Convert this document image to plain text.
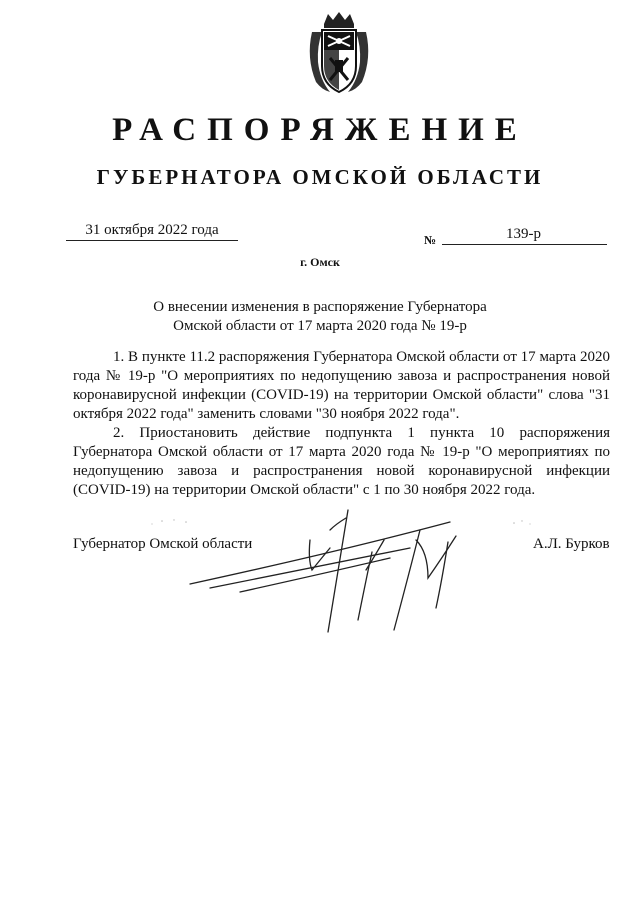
РАСПОРЯЖЕНИЕ
ГУБЕРНАТОРА ОМСКОЙ ОБЛАСТИ
31 октября 2022 года
№	139-р
г. Омск
О внесении изменения в распоряжение Губернатора
Омской области от 17 марта 2020 года № 19-р

1. В пункте 11.2 распоряжения Губернатора Омской области от 17 марта 2020 года № 19-р "О мероприятиях по недопущению завоза и распространения новой коронавирусной инфекции (COVID-19) на территории Омской области" слова "31 октября 2022 года" заменить словами "30 ноября 2022 года".

2. Приостановить действие подпункта 1 пункта 10 распоряжения Губернатора Омской области от 17 марта 2020 года № 19-р "О мероприятиях по недопущению завоза и распространения новой коронавирусной инфекции (COVID-19) на территории Омской области" с 1 по 30 ноября 2022 года.

Губернатор Омской области	А.Л. Бурков
